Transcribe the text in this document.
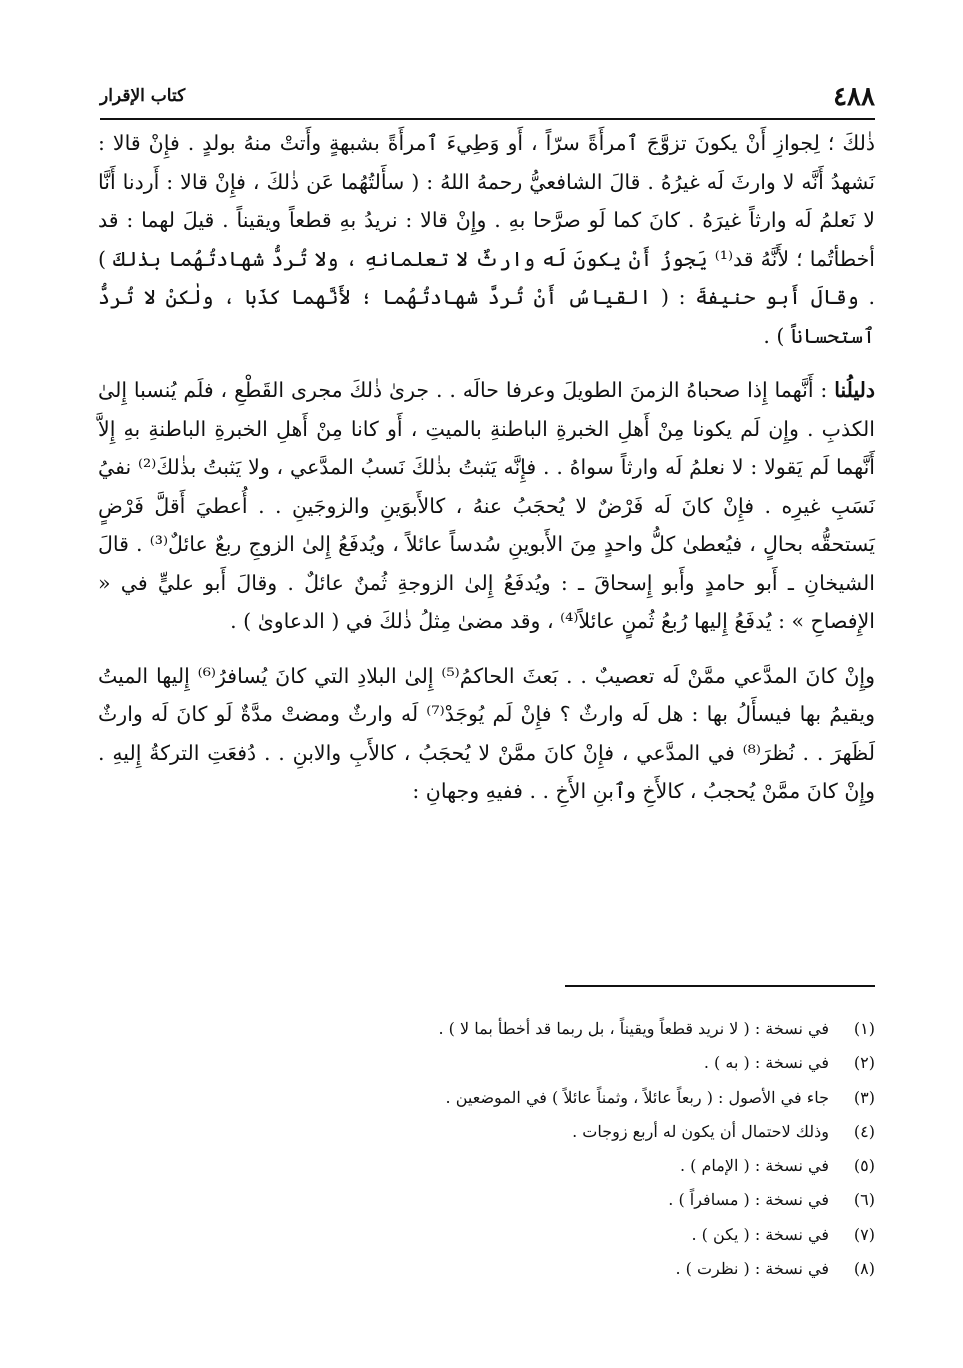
٤٨٨
كتاب الإقرار

ذٰلكَ ؛ لِجوازِ أَنْ يكونَ تزوَّجَ ٱمرأَةً سرّاً ، أَو وَطِيءَ ٱمرأَةً بشبهةٍ وأَتتْ منهُ بولدٍ . فإِنْ قالا : نَشهدُ أَنَّه لا وارثَ لَه غيرُهُ . قالَ الشافعيُّ رحمهُ اللهُ : ( سأَلتُهُما عَن ذٰلكَ ، فإِنْ قالا : أَردنا أَنَّا لا نَعلمُ لَه وارثاً غيرَهُ . كانَ كما لَو صرَّحا بهِ . وإِنْ قالا : نريدُ بهِ قطعاً ويقيناً . قيلَ لهما : قد أخطأتُما ؛ لأَنَّهُ قد⁽¹⁾ يَجوزُ أَنْ يكونَ لَه وارثٌ لا تعلمانهِ ، ولا تُردُّ شهادتُهُما بذٰلكَ ) . وقالَ أَبو حنيفةَ : ( القياسُ أَنْ تُردَّ شهادتُهُما ؛ لأَنَّهما كذَبا ، ولٰكنْ لا تُردُّ ٱستحساناً ) .

دليلُنا : أَنَّهما إِذا صحباهُ الزمنَ الطويلَ وعرفا حالَه . . جرىٰ ذٰلكَ مجرى القَطْعِ ، فلَم يُنسبا إِلىٰ الكذبِ . وإِن لَم يكونا مِنْ أَهلِ الخبرةِ الباطنةِ بالميتِ ، أَو كانا مِنْ أَهلِ الخبرةِ الباطنةِ بهِ إِلاَّ أَنَّهما لَم يَقولا : لا نعلمُ لَه وارثاً سواهُ . . فإِنَّه يَثبتُ بذٰلكَ نَسبُ المدَّعي ، ولا يَثبتُ بذٰلكَ⁽²⁾ نفيُ نَسَبِ غيرِه . فإِنْ كانَ لَه فَرْضٌ لا يُحجَبُ عنهُ ، كالأَبوَينِ والزوجَينِ . . أُعطيَ أَقلَّ فَرْضٍ يَستحقُّه بحالٍ ، فيُعطىٰ كلُّ واحدٍ مِنَ الأَبوينِ سُدساً عائلاً ، ويُدفَعُ إِلىٰ الزوجِ ربعٌ عائلٌ⁽³⁾ . قالَ الشيخانِ ـ أَبو حامدٍ وأَبو إِسحاقَ ـ : ويُدفَعُ إِلىٰ الزوجةِ ثُمنٌ عائلٌ . وقالَ أَبو عليٍّ في « الإِفصاحِ » : يُدفَعُ إِليها رُبعُ ثُمنٍ عائلاً⁽⁴⁾ ، وقد مضىٰ مِثلُ ذٰلكَ في ( الدعاوىٰ ) .

وإِنْ كانَ المدَّعي ممَّنْ لَه تعصيبٌ . . بَعثَ الحاكمُ⁽⁵⁾ إِلىٰ البلادِ التي كانَ يُسافرُ⁽⁶⁾ إِليها الميتُ ويقيمُ بها فيسأَلُ بها : هل لَه وارثٌ ؟ فإِنْ لَم يُوجَدْ⁽⁷⁾ لَه وارثٌ ومضتْ مدَّةٌ لَو كانَ لَه وارثٌ لَظَهرَ . . نُظرَ⁽⁸⁾ في المدَّعي ، فإِنْ كانَ ممَّنْ لا يُحجَبُ ، كالأَبِ والابنِ . . دُفعَتِ التركةُ إِليهِ . وإِنْ كانَ ممَّنْ يُحجبُ ، كالأَخِ وٱبنِ الأَخِ . . ففيهِ وجهانِ :

(١)
في نسخة : ( لا نريد قطعاً ويقيناً ، بل ربما قد أخطأ بما لا ) .
(٢)
في نسخة : ( به ) .
(٣)
جاء في الأصول : ( ربعاً عائلاً ، وثمناً عائلاً ) في الموضعين .
(٤)
وذلك لاحتمال أن يكون له أربع زوجات .
(٥)
في نسخة : ( الإمام ) .
(٦)
في نسخة : ( مسافراً ) .
(٧)
في نسخة : ( يكن ) .
(٨)
في نسخة : ( نظرت ) .
